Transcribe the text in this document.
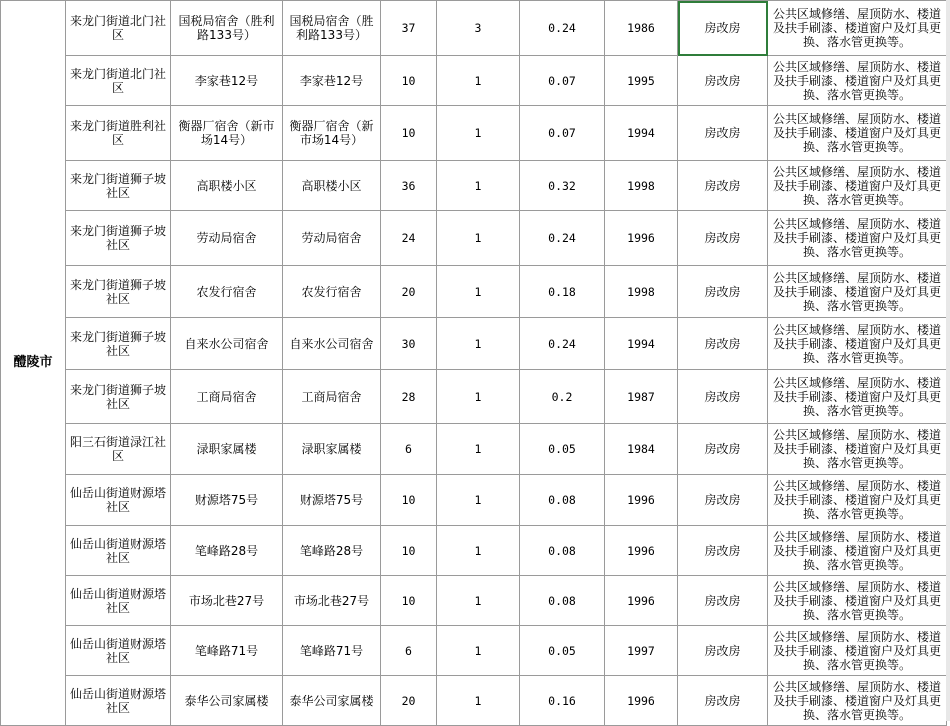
醴陵市	来龙门街道北门社区	国税局宿舍（胜利路133号）	国税局宿舍（胜利路133号）	37	3	0.24	1986	房改房	公共区域修缮、屋顶防水、楼道及扶手刷漆、楼道窗户及灯具更换、落水管更换等。
	来龙门街道北门社区	李家巷12号	李家巷12号	10	1	0.07	1995	房改房	公共区域修缮、屋顶防水、楼道及扶手刷漆、楼道窗户及灯具更换、落水管更换等。
	来龙门街道胜利社区	衡器厂宿舍（新市场14号）	衡器厂宿舍（新市场14号）	10	1	0.07	1994	房改房	公共区域修缮、屋顶防水、楼道及扶手刷漆、楼道窗户及灯具更换、落水管更换等。
	来龙门街道狮子坡社区	高职楼小区	高职楼小区	36	1	0.32	1998	房改房	公共区域修缮、屋顶防水、楼道及扶手刷漆、楼道窗户及灯具更换、落水管更换等。
	来龙门街道狮子坡社区	劳动局宿舍	劳动局宿舍	24	1	0.24	1996	房改房	公共区域修缮、屋顶防水、楼道及扶手刷漆、楼道窗户及灯具更换、落水管更换等。
	来龙门街道狮子坡社区	农发行宿舍	农发行宿舍	20	1	0.18	1998	房改房	公共区域修缮、屋顶防水、楼道及扶手刷漆、楼道窗户及灯具更换、落水管更换等。
	来龙门街道狮子坡社区	自来水公司宿舍	自来水公司宿舍	30	1	0.24	1994	房改房	公共区域修缮、屋顶防水、楼道及扶手刷漆、楼道窗户及灯具更换、落水管更换等。
	来龙门街道狮子坡社区	工商局宿舍	工商局宿舍	28	1	0.2	1987	房改房	公共区域修缮、屋顶防水、楼道及扶手刷漆、楼道窗户及灯具更换、落水管更换等。
	阳三石街道渌江社区	渌职家属楼	渌职家属楼	6	1	0.05	1984	房改房	公共区域修缮、屋顶防水、楼道及扶手刷漆、楼道窗户及灯具更换、落水管更换等。
	仙岳山街道财源塔社区	财源塔75号	财源塔75号	10	1	0.08	1996	房改房	公共区域修缮、屋顶防水、楼道及扶手刷漆、楼道窗户及灯具更换、落水管更换等。
	仙岳山街道财源塔社区	笔峰路28号	笔峰路28号	10	1	0.08	1996	房改房	公共区域修缮、屋顶防水、楼道及扶手刷漆、楼道窗户及灯具更换、落水管更换等。
	仙岳山街道财源塔社区	市场北巷27号	市场北巷27号	10	1	0.08	1996	房改房	公共区域修缮、屋顶防水、楼道及扶手刷漆、楼道窗户及灯具更换、落水管更换等。
	仙岳山街道财源塔社区	笔峰路71号	笔峰路71号	6	1	0.05	1997	房改房	公共区域修缮、屋顶防水、楼道及扶手刷漆、楼道窗户及灯具更换、落水管更换等。
	仙岳山街道财源塔社区	泰华公司家属楼	泰华公司家属楼	20	1	0.16	1996	房改房	公共区域修缮、屋顶防水、楼道及扶手刷漆、楼道窗户及灯具更换、落水管更换等。
